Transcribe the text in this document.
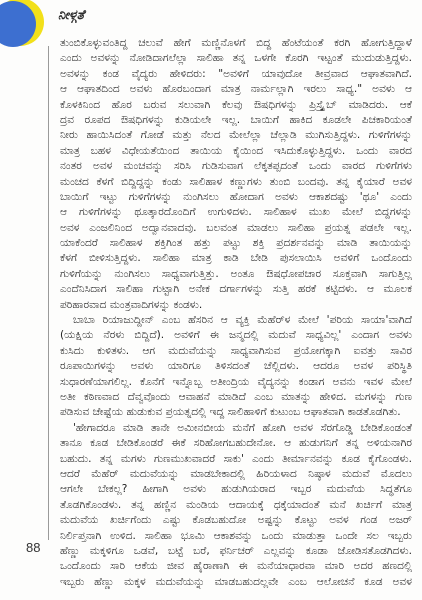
ನೀಳ್ಗತೆ
ತುಂಬಿಕೊಳ್ಳುವಂತಿದ್ದ ಚಲುವೆ ಹೇಗೆ ಮಣ್ಣಿನೊಳಗೆ ಬಿದ್ದ ಹೆಂಟೆಯಂತೆ ಕರಗಿ ಹೋಗುತ್ತಿದ್ದಾಳೆ
ಎಂದು ಅವಳನ್ನು ನೋಡಿದಾಗಲೆಲ್ಲಾ ಸಾಲಿಹಾ ತನ್ನ ಒಳಗೇ ಕೊರಗಿ ಇಟ್ಟಂತೆ ಮುದುಡುತ್ತಿದ್ದಳು.
ಅವಳನ್ನು ಕಂಡ ವೈದ್ಯರು ಹೇಳಿದರು: "ಅವಳಿಗೆ ಯಾವುದೋ ತೀವ್ರವಾದ ಆಘಾತವಾಗಿದೆ.
ಆ ಆಘಾತದಿಂದ ಅವಳು ಹೊರಬಂದಾಗ ಮಾತ್ರ ನಾರ್ಮಲ್ಲಾಗಿ ಇರಲು ಸಾಧ್ಯ." ಅವಳು ಆ
ಕೊಳಕಿನಿಂದ ಹೊರ ಬರುವ ಸಲುವಾಗಿ ಕೆಲವು ಔಷಧಿಗಳನ್ನು ಪ್ರಿಸ್ಕ್ರೈಬ್ ಮಾಡಿದರು. ಆಕೆ
ದ್ರವ ರೂಪದ ಔಷಧಿಗಳನ್ನು ಕುಡಿಯಲೇ ಇಲ್ಲ. ಬಾಯಿಗೆ ಹಾಕಿದ ಕೂಡಲೇ ಪಿಚಕಾರಿಯಂತೆ
ನೀರು ಹಾಯಿಸಿದಂತೆ ಗೋಡೆ ಮತ್ತು ನೆಲದ ಮೇಲೆಲ್ಲಾ ಚೆಲ್ಲಾಡಿ ಮುಗಿಸುತ್ತಿದ್ದಳು. ಗುಳಿಗೆಗಳನ್ನು
ಮಾತ್ರ ಬಹಳ ವಿಧೇಯತೆಯಿಂದ ತಾಯಿಯ ಕೈಯಿಂದ ಇಸಿದುಕೊಳ್ಳುತ್ತಿದ್ದಳು. ಒಂದು ವಾರದ
ನಂತರ ಅವಳ ಮಂಚವನ್ನು ಸರಿಸಿ ಗುಡಿಸುವಾಗ ಲೆಕ್ಕತಪ್ಪದಂತೆ ಒಂದು ವಾರದ ಗುಳಿಗೆಗಳು
ಮಂಚದ ಕೆಳಗೆ ಬಿದ್ದಿದ್ದನ್ನು ಕಂಡು ಸಾಲಿಹಾಳ ಕಣ್ಣುಗಳು ತುಂಬಿ ಬಂದವು. ತನ್ನ ಕೈಯಾರೆ ಅವಳ
ಬಾಯಿಗೆ ಇಟ್ಟು ಗುಳಿಗೆಗಳನ್ನು ನುಂಗಿಸಲು ಹೋದಾಗ ಅವಳು ಆಕಾಶದಷ್ಟು 'ಥೂ' ಎಂದು
ಆ ಗುಳಿಗೆಗಳನ್ನು ಥೂತ್ಕಾರದೊಂದಿಗೆ ಉಗುಳಿದಳು. ಸಾಲಿಹಾಳ ಮುಖ ಮೇಲೆ ಬಿದ್ದಗಳನ್ನು
ಅವಳ ಎಂಜಲಿನಿಂದ ಅದ್ವಾನವಾದವು. ಬಲವಂತ ಮಾಡಲು ಸಾಲಿಹಾ ಪ್ರಯತ್ನ ಪಡಲೇ ಇಲ್ಲ.
ಯಾಕೆಂದರೆ ಸಾಲಿಹಾಳ ಶಕ್ತಿಗಿಂತ ಹತ್ತು ಪಟ್ಟು ಶಕ್ತಿ ಪ್ರದರ್ಶನವನ್ನು ಮಾಡಿ ತಾಯಿಯನ್ನು
ಕೆಳಗೆ ಬೀಳಿಸುತ್ತಿದ್ದಳು. ಸಾಲಿಹಾ ಮಾತ್ರ ಕಾಡಿ ಬೇಡಿ ಪುಸಲಾಯಿಸಿ ಅವಳಿಗೆ ಒಂದೊಂದು
ಗುಳಿಗೆಯನ್ನು ನುಂಗಿಸಲು ಸಾಧ್ಯವಾಗುತ್ತಿತ್ತು. ಅಂತೂ ಔಷಧೋಪಚಾರ ಸೂಕ್ತವಾಗಿ ಸಾಗುತ್ತಿಲ್ಲ
ಎಂದೆನಿಸಿದಾಗ ಸಾಲಿಹಾ ಗುಟ್ಟಾಗಿ ಅನೇಕ ದರ್ಗಾಗಳನ್ನು ಸುತ್ತಿ ಹರಕೆ ಕಟ್ಟಿದಳು. ಆ ಮೂಲಕ
ಪರಿಹಾರವಾದ ಮಂತ್ರವಾದಿಗಳನ್ನು ಕಂಡಳು.
ಬಾಬಾ ರಿಯಾಜುದ್ದೀನ್ ಎಂಬ ಹೆಸರಿನ ಆ ವ್ಯಕ್ತಿ ಮೆಹೆರ್‌ಳ ಮೇಲೆ 'ಪರಿಯ ಸಾಯಾ'ವಾಗಿದೆ
(ಯಕ್ಷಿಯ ನೆರಳು ಬಿದ್ದಿದೆ). ಅವಳಿಗೆ ಈ ಜನ್ಮದಲ್ಲಿ ಮದುವೆ ಸಾಧ್ಯವಿಲ್ಲ' ಎಂದಾಗ ಅವಳು
ಕುಸಿದು ಕುಳಿತಳು. ಆಗ ಮದುವೆಯನ್ನು ಸಾಧ್ಯವಾಗಿಸುವ ಪ್ರಯೋಗಕ್ಕಾಗಿ ಐವತ್ತು ಸಾವಿರ
ರೂಪಾಯಿಗಳನ್ನು ಅವಳು ಯಾರಿಗೂ ತಿಳಿಸದಂತೆ ಚೆಲ್ಲಿದಳು. ಆದರೂ ಅವಳ ಪರಿಸ್ಥಿತಿ
ಸುಧಾರಣೆಯಾಗಲಿಲ್ಲ. ಕೊನೆಗೆ ಇನ್ನೊಬ್ಬ ಅತೀಂದ್ರಿಯ ವೈದ್ಯನನ್ನು ಕಂಡಾಗ ಅವನು ಇವಳ ಮೇಲೆ
ಅತೀ ಕಠಿಣವಾದ ದೆವ್ವವೊಂದು ಆವಾಹನೆ ಮಾಡಿದೆ ಎಂಬ ಮಾತನ್ನು ಹೇಳಿದ. ಮಗಳನ್ನು ಗುಣ
ಪಡಿಸುವ ಚೇಷ್ಟೆಯ ಹುಡುಕುವ ಪ್ರಯತ್ನದಲ್ಲಿ ಇದ್ದ ಸಾಲಿಹಾಳಿಗೆ ಕುಟುಂಬ ಆಘಾತವಾಗಿ ಕಾಡತೊಡಗಿತು.
'ಹೇಗಾದರೂ ಮಾಡಿ ತಾನೇ ಅಮೀನಬೀಯ ಮನೆಗೆ ಹೋಗಿ ಅವಳ ಸೆರಗೊಡ್ಡಿ ಬೇಡಿಕೊಂಡಂತೆ
ತಾನೂ ಕೂಡ ಬೇಡಿಕೊಂಡರೆ ಈಕೆ ಸರಿಹೋಗಬಹುದೇನೋ. ಆ ಹುಡುಗನಿಗೆ ತನ್ನ ಅಳಿಯನಾಗಿರ
ಬಹುದು. ತನ್ನ ಮಗಳು ಗುಣಮುಖವಾದರೆ ಸಾಕು' ಎಂದು ತೀರ್ಮಾನವನ್ನು ಕೂಡ ಕೈಗೊಂಡಳು.
ಆದರೆ ಮೆಹೆರ್ ಮದುವೆಯನ್ನು ಮಾಡಬೇಕಾದಲ್ಲಿ ಹಿರಿಯಳಾದ ನಿಷ್ಠಾಳ ಮದುವೆ ಮೊದಲು
ಆಗಲೇ ಬೇಕಲ್ಲ? ಹೀಗಾಗಿ ಅವಳು ಹುಡುಗಿಯರಾದ ಇಬ್ಬರ ಮದುವೆಯ ಸಿದ್ಧತೆಗೂ
ತೊಡಗಿಕೊಂಡಳು. ತನ್ನ ಹಣ್ಣಿನ ಮಂಡಿಯ ಆದಾಯಕ್ಕೆ ಧಕ್ಕೆಯಾದಂತೆ ಮನೆ ಖರ್ಚಿಗೆ ಮಾತ್ರ
ಮದುವೆಯ ಖರ್ಚಿಗೆಂದು ಎಷ್ಟು ಕೊಡಬಹುದೋ ಅಷ್ಟನ್ನು ಕೊಟ್ಟು ಅವಳ ಗಂಡ ಅಜರ್
ನಿರ್ಲಿಪ್ತನಾಗಿ ಉಳಿದ. ಸಾಲಿಹಾ ಭೂಮಿ ಆಕಾಶವನ್ನು ಒಂದು ಮಾಡುತ್ತಾ ಒಂದೇ ಸಲ ಇಬ್ಬರು
ಹೆಣ್ಣು ಮಕ್ಕಳಿಗೂ ಒಡವೆ, ಬಟ್ಟೆ ಬರೆ, ಫರ್ನಿಚರ್ ಎಲ್ಲವನ್ನು ಕೂಡಾ ಜೋಡಿಸತೊಡಗಿದಳು.
ಒಂದೊಂದು ಸಾರಿ ಆಕೆಯ ಜೀವ ಹೈರಾಣಾಗಿ ಈ ಮನೆಯಾಧಾರವಾ ಮಾರಿ ಅದರ ಹಣದಲ್ಲಿ
ಇಬ್ಬರು ಹೆಣ್ಣು ಮಕ್ಕಳ ಮದುವೆಯನ್ನು ಮಾಡಬಹುದಲ್ಲವೇ ಎಂಬ ಆಲೋಚನೆ ಕೂಡ ಅವಳ
88
